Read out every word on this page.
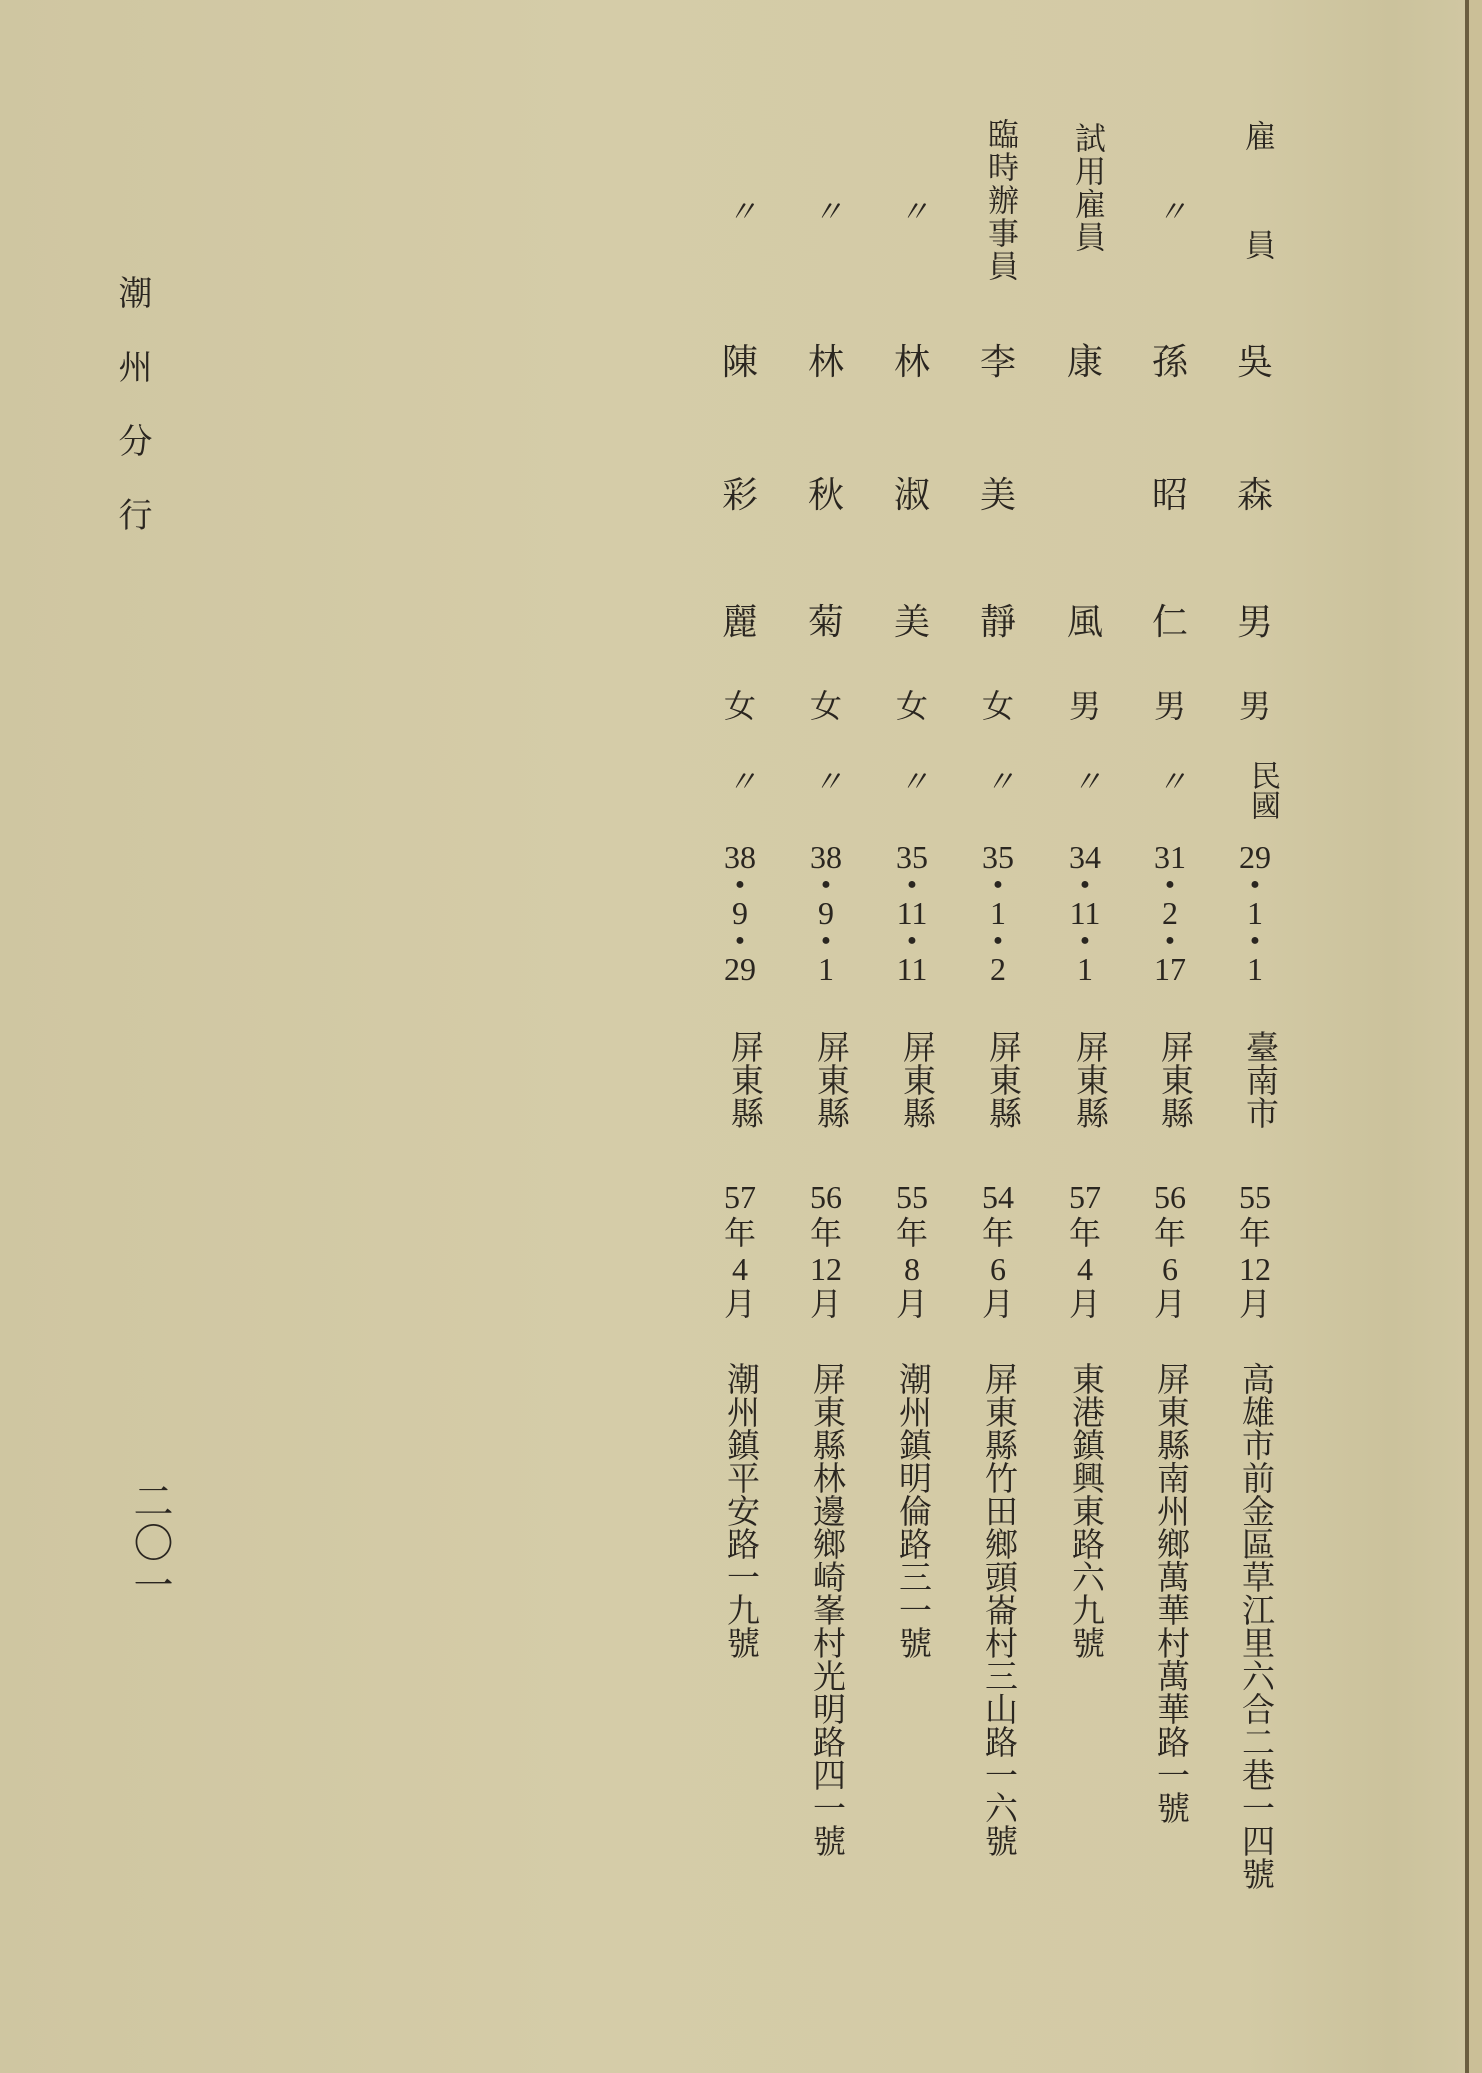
潮州分行
二〇一
雇員
吳
森
男
男
民國
29
●
1
●
1
臺南市
55
年
12
月
高雄市前金區草江里六合二巷一四號
〃
孫
昭
仁
男
〃
31
●
2
●
17
屏東縣
56
年
6
月
屏東縣南州鄉萬華村萬華路一號
試用雇員
康
風
男
〃
34
●
11
●
1
屏東縣
57
年
4
月
東港鎮興東路六九號
臨時辦事員
李
美
靜
女
〃
35
●
1
●
2
屏東縣
54
年
6
月
屏東縣竹田鄉頭崙村三山路一六號
〃
林
淑
美
女
〃
35
●
11
●
11
屏東縣
55
年
8
月
潮州鎮明倫路三一號
〃
林
秋
菊
女
〃
38
●
9
●
1
屏東縣
56
年
12
月
屏東縣林邊鄉崎峯村光明路四一號
〃
陳
彩
麗
女
〃
38
●
9
●
29
屏東縣
57
年
4
月
潮州鎮平安路一九號
